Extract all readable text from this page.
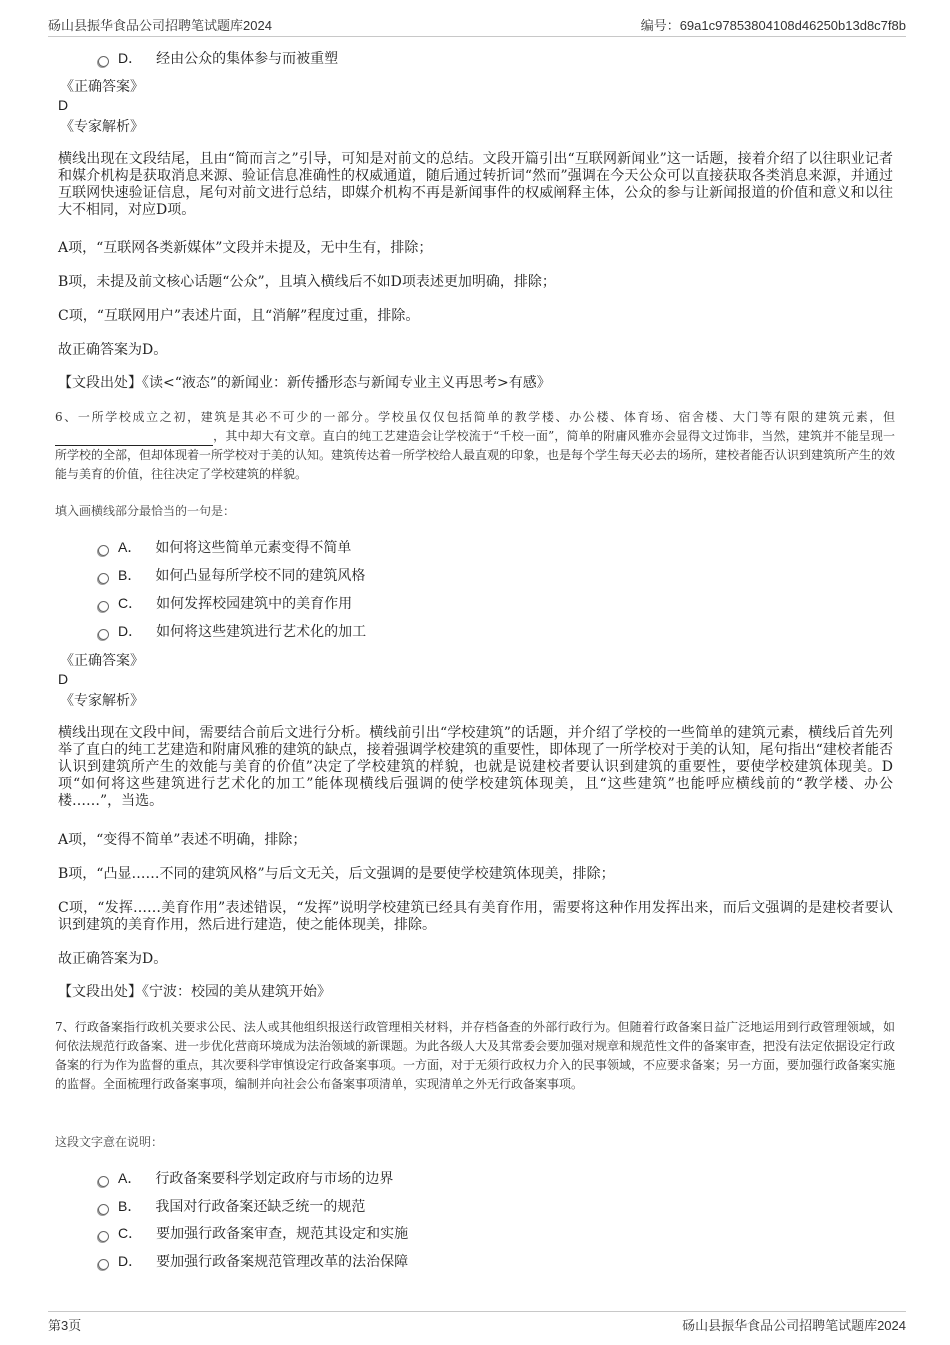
砀山县振华食品公司招聘笔试题库2024	编号：69a1c97853804108d46250b13d8c7f8b
D． 经由公众的集体参与而被重塑
《正确答案》
D
《专家解析》
横线出现在文段结尾，且由“简而言之”引导，可知是对前文的总结。文段开篇引出“互联网新闻业”这一话题，接着介绍了以往职业记者和媒介机构是获取消息来源、验证信息准确性的权威通道，随后通过转折词“然而”强调在今天公众可以直接获取各类消息来源，并通过互联网快速验证信息，尾句对前文进行总结，即媒介机构不再是新闻事件的权威阐释主体，公众的参与让新闻报道的价值和意义和以往大不相同，对应D项。
A项，“互联网各类新媒体”文段并未提及，无中生有，排除；
B项，未提及前文核心话题“公众”，且填入横线后不如D项表述更加明确，排除；
C项，“互联网用户”表述片面，且“消解”程度过重，排除。
故正确答案为D。
【文段出处】《读<“液态”的新闻业：新传播形态与新闻专业主义再思考>有感》
6、一所学校成立之初，建筑是其必不可少的一部分。学校虽仅仅包括简单的教学楼、办公楼、体育场、宿舍楼、大门等有限的建筑元素，但，其中却大有文章。直白的纯工艺建造会让学校流于“千校一面”，简单的附庸风雅亦会显得文过饰非，当然，建筑并不能呈现一所学校的全部，但却体现着一所学校对于美的认知。建筑传达着一所学校给人最直观的印象，也是每个学生每天必去的场所，建校者能否认识到建筑所产生的效能与美育的价值，往往决定了学校建筑的样貌。
填入画横线部分最恰当的一句是：
A． 如何将这些简单元素变得不简单
B． 如何凸显每所学校不同的建筑风格
C． 如何发挥校园建筑中的美育作用
D． 如何将这些建筑进行艺术化的加工
《正确答案》
D
《专家解析》
横线出现在文段中间，需要结合前后文进行分析。横线前引出“学校建筑”的话题，并介绍了学校的一些简单的建筑元素，横线后首先列举了直白的纯工艺建造和附庸风雅的建筑的缺点，接着强调学校建筑的重要性，即体现了一所学校对于美的认知，尾句指出“建校者能否认识到建筑所产生的效能与美育的价值”决定了学校建筑的样貌，也就是说建校者要认识到建筑的重要性，要使学校建筑体现美。D项“如何将这些建筑进行艺术化的加工”能体现横线后强调的使学校建筑体现美，且“这些建筑”也能呼应横线前的“教学楼、办公楼……”，当选。
A项，“变得不简单”表述不明确，排除；
B项，“凸显……不同的建筑风格”与后文无关，后文强调的是要使学校建筑体现美，排除；
C项，“发挥……美育作用”表述错误，“发挥”说明学校建筑已经具有美育作用，需要将这种作用发挥出来，而后文强调的是建校者要认识到建筑的美育作用，然后进行建造，使之能体现美，排除。
故正确答案为D。
【文段出处】《宁波：校园的美从建筑开始》
7、行政备案指行政机关要求公民、法人或其他组织报送行政管理相关材料，并存档备查的外部行政行为。但随着行政备案日益广泛地运用到行政管理领域，如何依法规范行政备案、进一步优化营商环境成为法治领域的新课题。为此各级人大及其常委会要加强对规章和规范性文件的备案审查，把没有法定依据设定行政备案的行为作为监督的重点，其次要科学审慎设定行政备案事项。一方面，对于无须行政权力介入的民事领域，不应要求备案；另一方面，要加强行政备案实施的监督。全面梳理行政备案事项，编制并向社会公布备案事项清单，实现清单之外无行政备案事项。
这段文字意在说明：
A． 行政备案要科学划定政府与市场的边界
B． 我国对行政备案还缺乏统一的规范
C． 要加强行政备案审查，规范其设定和实施
D． 要加强行政备案规范管理改革的法治保障
第3页	砀山县振华食品公司招聘笔试题库2024
